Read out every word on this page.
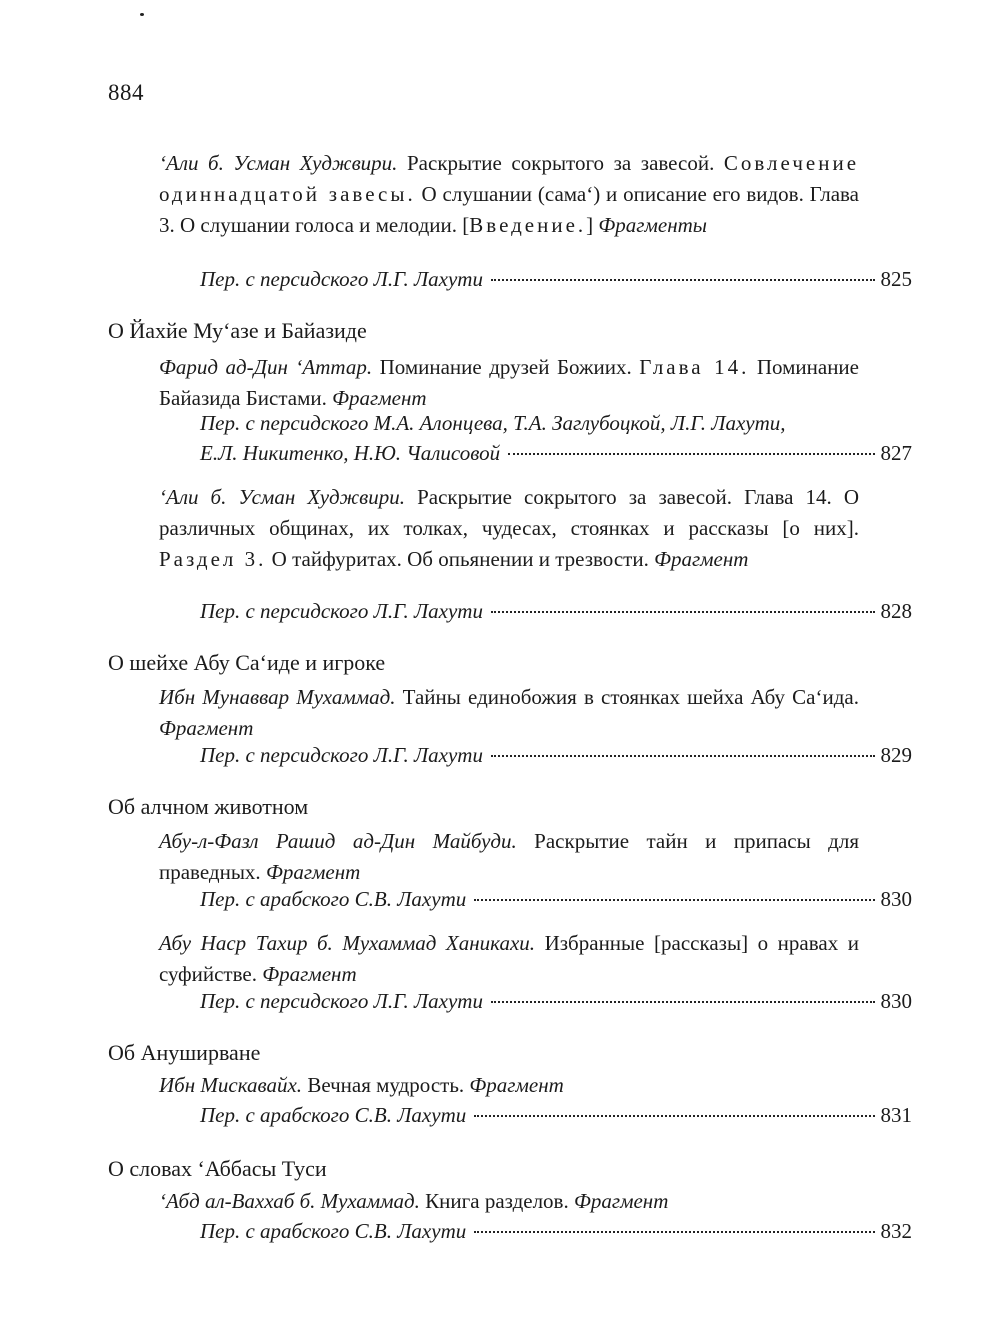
884

ʻАли б. Усман Худжвири. Раскрытие сокрытого за завесой. Совлечение одиннадцатой завесы. О слушании (самаʻ) и описание его видов. Глава 3. О слушании голоса и мелодии. [Введение.] Фрагменты

Пер. с персидского Л.Г. Лахути	825
О Йахйе Муʻазе и Байазиде

Фарид ад-Дин ʻАттар. Поминание друзей Божиих. Глава 14. Поминание Байазида Бистами. Фрагмент

Пер. с персидского М.А. Алонцева, Т.А. Заглубоцкой, Л.Г. Лахути,
Е.Л. Никитенко, Н.Ю. Чалисовой	827

ʻАли б. Усман Худжвири. Раскрытие сокрытого за завесой. Глава 14. О различных общинах, их толках, чудесах, стоянках и рассказы [о них]. Раздел 3. О тайфуритах. Об опьянении и трезвости. Фрагмент

Пер. с персидского Л.Г. Лахути	828
О шейхе Абу Саʻиде и игроке

Ибн Мунаввар Мухаммад. Тайны единобожия в стоянках шейха Абу Саʻида. Фрагмент

Пер. с персидского Л.Г. Лахути	829
Об алчном животном

Абу-л-Фазл Рашид ад-Дин Майбуди. Раскрытие тайн и припасы для праведных. Фрагмент

Пер. с арабского С.В. Лахути	830

Абу Наср Тахир б. Мухаммад Ханикахи. Избранные [рассказы] о нравах и суфийстве. Фрагмент

Пер. с персидского Л.Г. Лахути	830
Об Ануширване

Ибн Мискавайх. Вечная мудрость. Фрагмент

Пер. с арабского С.В. Лахути	831
О словах ʻАббасы Туси

ʻАбд ал-Ваххаб б. Мухаммад. Книга разделов. Фрагмент

Пер. с арабского С.В. Лахути	832
